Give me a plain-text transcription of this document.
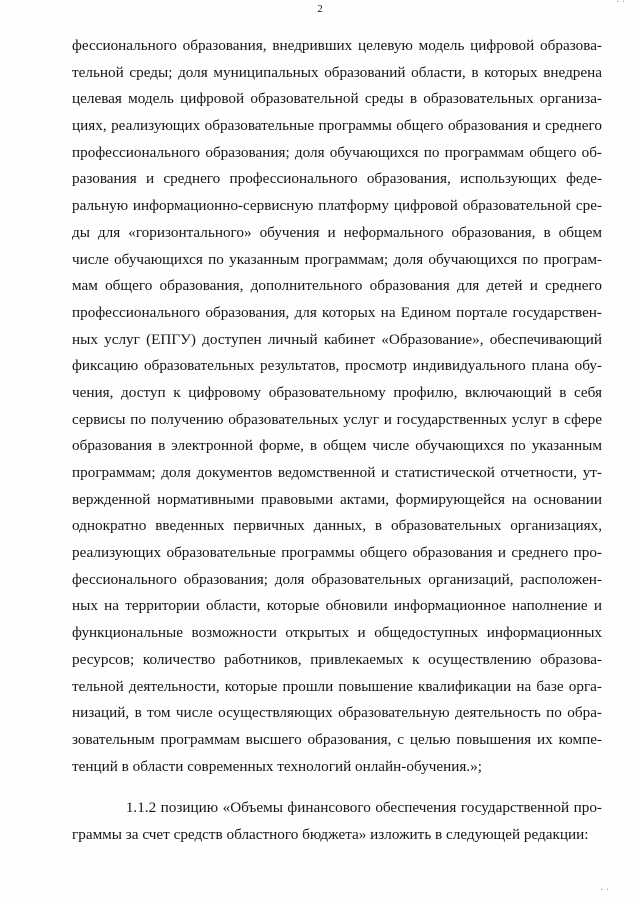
· ·
2
фессионального образования, внедривших целевую модель цифровой образова-
тельной среды; доля муниципальных образований области, в которых внедрена
целевая модель цифровой образовательной среды в образовательных организа-
циях, реализующих образовательные программы общего образования и среднего
профессионального образования; доля обучающихся по программам общего об-
разования и среднего профессионального образования, использующих феде-
ральную информационно-сервисную платформу цифровой образовательной сре-
ды для «горизонтального» обучения и неформального образования, в общем
числе обучающихся по указанным программам; доля обучающихся по програм-
мам общего образования, дополнительного образования для детей и среднего
профессионального образования, для которых на Едином портале государствен-
ных услуг (ЕПГУ) доступен личный кабинет «Образование», обеспечивающий
фиксацию образовательных результатов, просмотр индивидуального плана обу-
чения, доступ к цифровому образовательному профилю, включающий в себя
сервисы по получению образовательных услуг и государственных услуг в сфере
образования в электронной форме, в общем числе обучающихся по указанным
программам; доля документов ведомственной и статистической отчетности, ут-
вержденной нормативными правовыми актами, формирующейся на основании
однократно введенных первичных данных, в образовательных организациях,
реализующих образовательные программы общего образования и среднего про-
фессионального образования; доля образовательных организаций, расположен-
ных на территории области, которые обновили информационное наполнение и
функциональные возможности открытых и общедоступных информационных
ресурсов; количество работников, привлекаемых к осуществлению образова-
тельной деятельности, которые прошли повышение квалификации на базе орга-
низаций, в том числе осуществляющих образовательную деятельность по обра-
зовательным программам высшего образования, с целью повышения их компе-
тенций в области современных технологий онлайн-обучения.»;
1.1.2 позицию «Объемы финансового обеспечения государственной про-
граммы за счет средств областного бюджета» изложить в следующей редакции:
· ·
